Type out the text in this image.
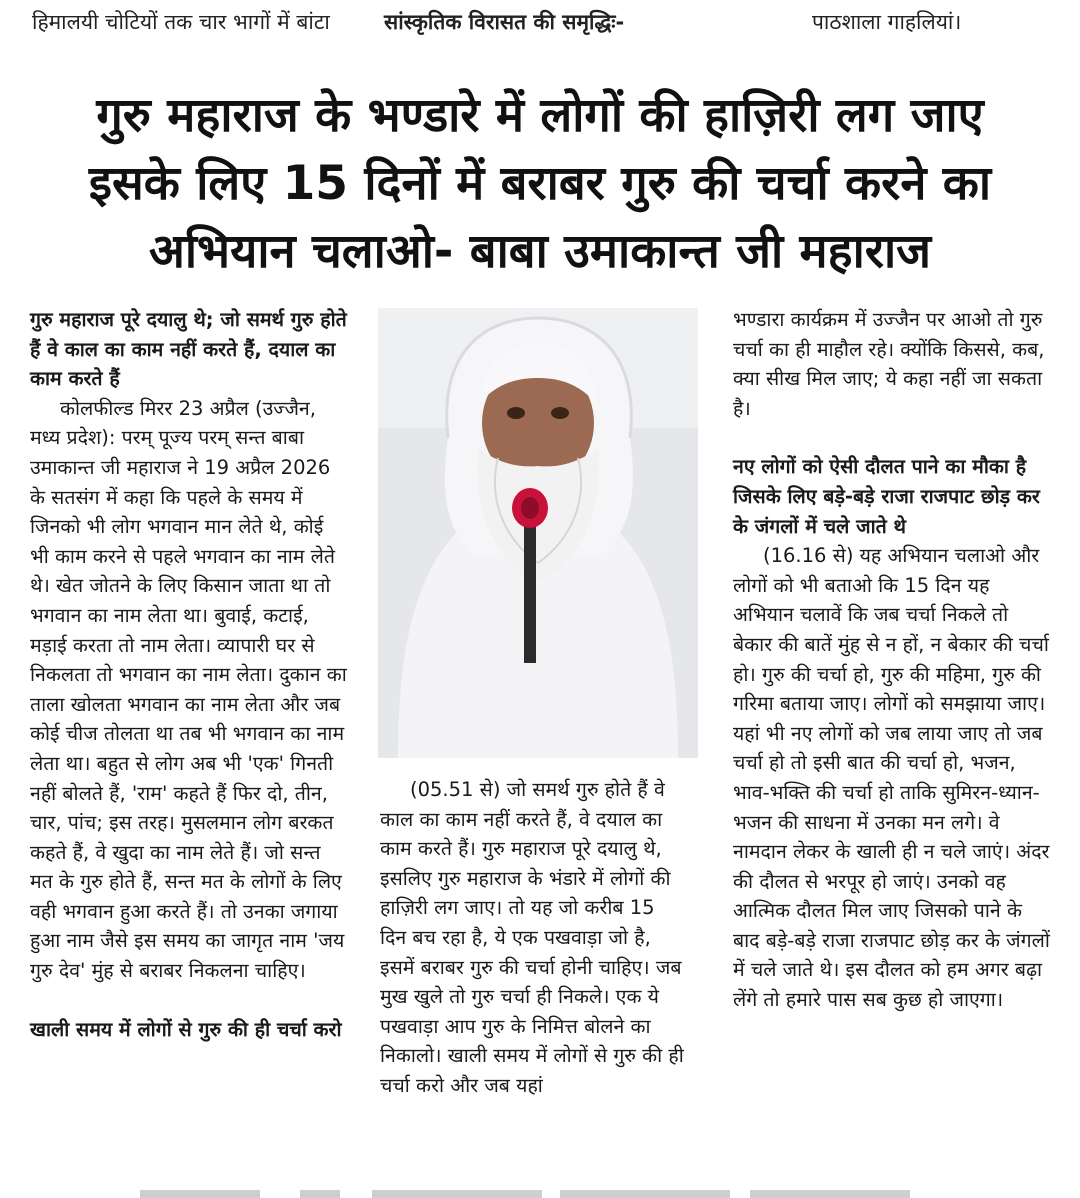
हिमालयी चोटियों तक चार भागों में बांटा	सांस्कृतिक विरासत की समृद्धिः-	पाठशाला गाहलियां।
गुरु महाराज के भण्डारे में लोगों की हाज़िरी लग जाए
इसके लिए 15 दिनों में बराबर गुरु की चर्चा करने का
अभियान चलाओ- बाबा उमाकान्त जी महाराज

गुरु महाराज पूरे दयालु थे; जो समर्थ गुरु होते हैं वे काल का काम नहीं करते हैं, दयाल का काम करते हैं

कोलफील्ड मिरर 23 अप्रैल (उज्जैन, मध्य प्रदेश): परम् पूज्य परम् सन्त बाबा उमाकान्त जी महाराज ने 19 अप्रैल 2026 के सतसंग में कहा कि पहले के समय में जिनको भी लोग भगवान मान लेते थे, कोई भी काम करने से पहले भगवान का नाम लेते थे। खेत जोतने के लिए किसान जाता था तो भगवान का नाम लेता था। बुवाई, कटाई, मड़ाई करता तो नाम लेता। व्यापारी घर से निकलता तो भगवान का नाम लेता। दुकान का ताला खोलता भगवान का नाम लेता और जब कोई चीज तोलता था तब भी भगवान का नाम लेता था। बहुत से लोग अब भी 'एक' गिनती नहीं बोलते हैं, 'राम' कहते हैं फिर दो, तीन, चार, पांच; इस तरह। मुसलमान लोग बरकत कहते हैं, वे खुदा का नाम लेते हैं। जो सन्त मत के गुरु होते हैं, सन्त मत के लोगों के लिए वही भगवान हुआ करते हैं। तो उनका जगाया हुआ नाम जैसे इस समय का जागृत नाम 'जय गुरु देव' मुंह से बराबर निकलना चाहिए।

खाली समय में लोगों से गुरु की ही चर्चा करो

(05.51 से) जो समर्थ गुरु होते हैं वे काल का काम नहीं करते हैं, वे दयाल का काम करते हैं। गुरु महाराज पूरे दयालु थे, इसलिए गुरु महाराज के भंडारे में लोगों की हाज़िरी लग जाए। तो यह जो करीब 15 दिन बच रहा है, ये एक पखवाड़ा जो है, इसमें बराबर गुरु की चर्चा होनी चाहिए। जब मुख खुले तो गुरु चर्चा ही निकले। एक ये पखवाड़ा आप गुरु के निमित्त बोलने का निकालो। खाली समय में लोगों से गुरु की ही चर्चा करो और जब यहां

भण्डारा कार्यक्रम में उज्जैन पर आओ तो गुरु चर्चा का ही माहौल रहे। क्योंकि किससे, कब, क्या सीख मिल जाए; ये कहा नहीं जा सकता है।

नए लोगों को ऐसी दौलत पाने का मौका है जिसके लिए बड़े-बड़े राजा राजपाट छोड़ कर के जंगलों में चले जाते थे

(16.16 से) यह अभियान चलाओ और लोगों को भी बताओ कि 15 दिन यह अभियान चलावें कि जब चर्चा निकले तो बेकार की बातें मुंह से न हों, न बेकार की चर्चा हो। गुरु की चर्चा हो, गुरु की महिमा, गुरु की गरिमा बताया जाए। लोगों को समझाया जाए। यहां भी नए लोगों को जब लाया जाए तो जब चर्चा हो तो इसी बात की चर्चा हो, भजन, भाव-भक्ति की चर्चा हो ताकि सुमिरन-ध्यान-भजन की साधना में उनका मन लगे। वे नामदान लेकर के खाली ही न चले जाएं। अंदर की दौलत से भरपूर हो जाएं। उनको वह आत्मिक दौलत मिल जाए जिसको पाने के बाद बड़े-बड़े राजा राजपाट छोड़ कर के जंगलों में चले जाते थे। इस दौलत को हम अगर बढ़ा लेंगे तो हमारे पास सब कुछ हो जाएगा।
